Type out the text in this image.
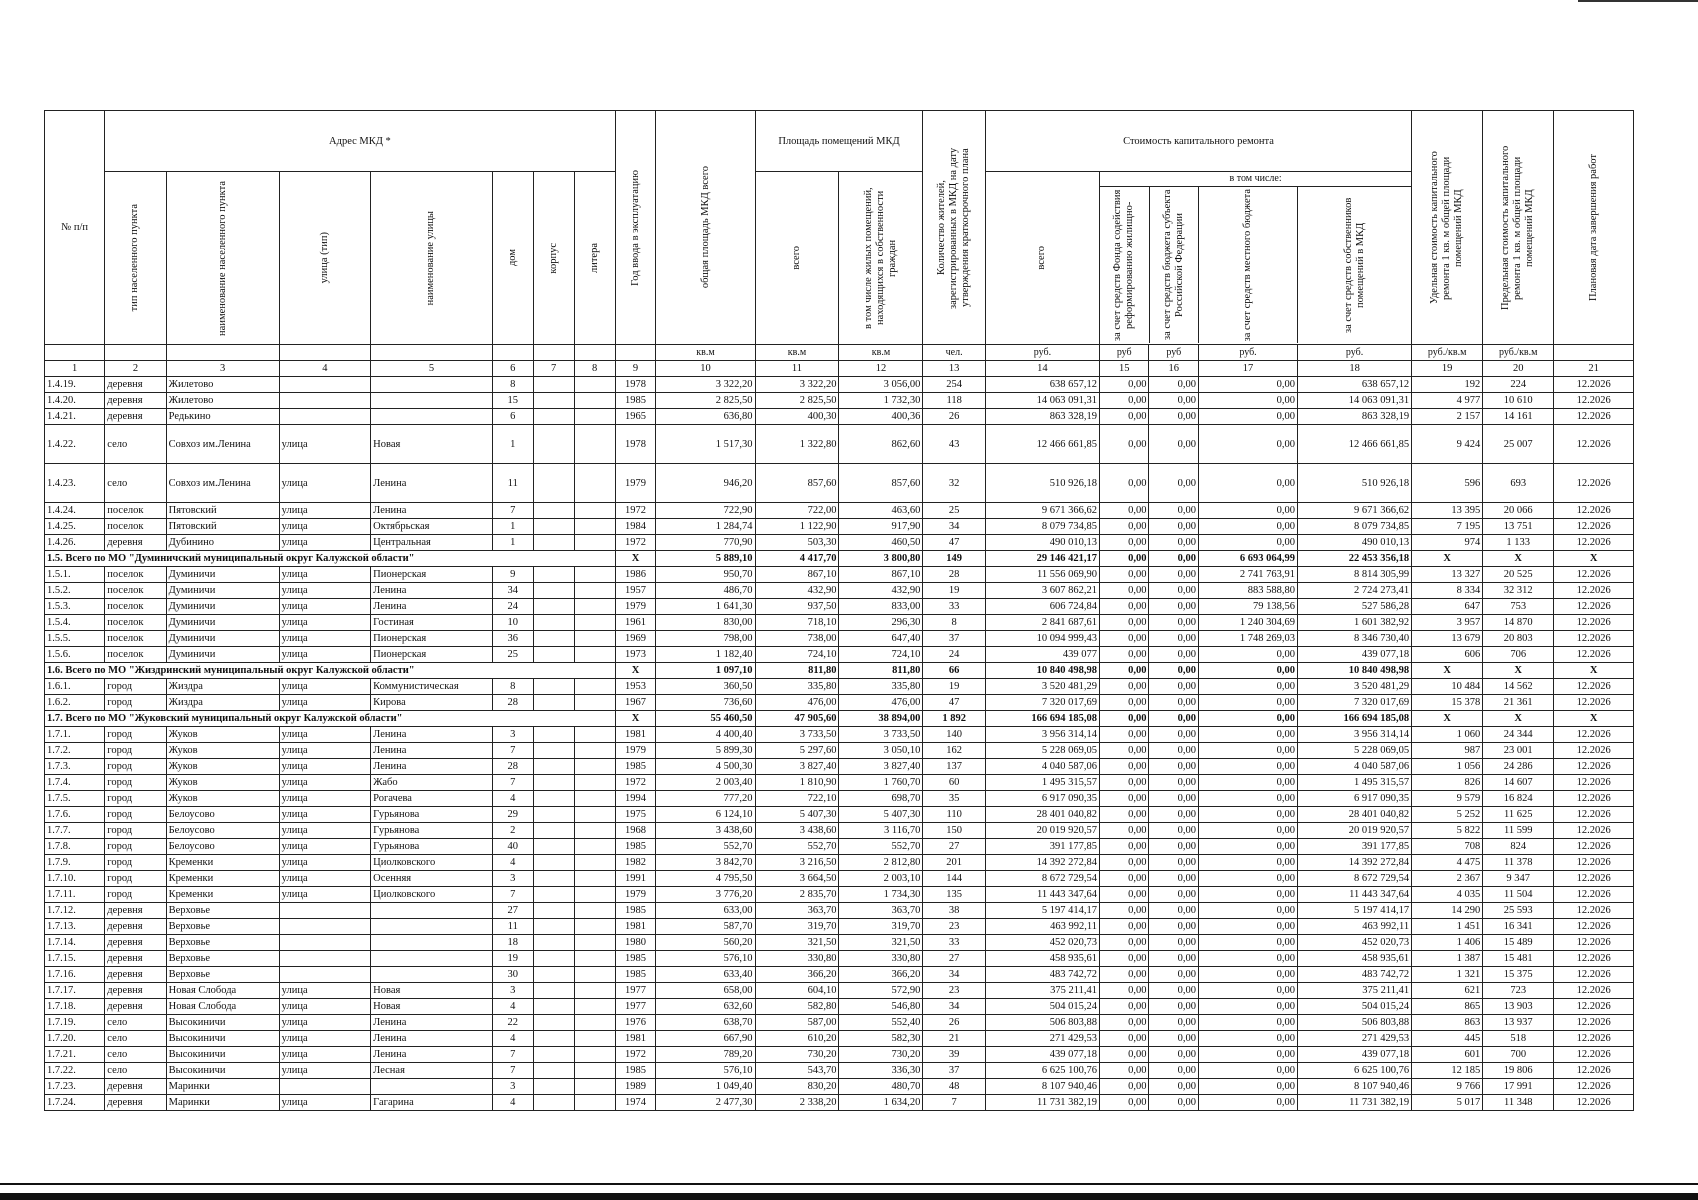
№ п/п	Адрес МКД *	
Год ввода в эксплуатацию	общая площадь МКД всего
	Площадь помещений МКД	
Количество жителей, зарегистрированных в МКД на дату утверждения краткосрочного плана
	Стоимость капитального ремонта	
Удельная стоимость капитального ремонта 1 кв. м общей площади помещений МКД	Предельная стоимость капитального ремонта 1 кв. м общей площади помещений МКД	Плановая дата завершения работ

тип населенного пункта	наименование населенного пункта	улица (тип)	наименование улицы	дом	корпус	литера	всего	в том числе жилых помещений, находящихся в собственности граждан	всего

в том числе:
за счет средств Фонда содействия реформированию жилищно-	за счет средств бюджета субъекта Российской Федерации	за счет средств местного бюджета	за счет средств собственников помещений в МКД

									кв.м	кв.м	кв.м	чел.	руб.	руб	руб	руб.	руб.	руб./кв.м	руб./кв.м	
1	2	3	4	5	6	7	8	9	10	11	12	13	14	15	16	17	18	19	20	21
1.4.19.	деревня	Жилетово			8			1978	3 322,20	3 322,20	3 056,00	254	638 657,12	0,00	0,00	0,00	638 657,12	192	224	12.2026
1.4.20.	деревня	Жилетово			15			1985	2 825,50	2 825,50	1 732,30	118	14 063 091,31	0,00	0,00	0,00	14 063 091,31	4 977	10 610	12.2026
1.4.21.	деревня	Редькино			6			1965	636,80	400,30	400,36	26	863 328,19	0,00	0,00	0,00	863 328,19	2 157	14 161	12.2026
1.4.22.	село	Совхоз им.Ленина	улица	Новая	1			1978	1 517,30	1 322,80	862,60	43	12 466 661,85	0,00	0,00	0,00	12 466 661,85	9 424	25 007	12.2026
1.4.23.	село	Совхоз им.Ленина	улица	Ленина	11			1979	946,20	857,60	857,60	32	510 926,18	0,00	0,00	0,00	510 926,18	596	693	12.2026
1.4.24.	поселок	Пятовский	улица	Ленина	7			1972	722,90	722,00	463,60	25	9 671 366,62	0,00	0,00	0,00	9 671 366,62	13 395	20 066	12.2026
1.4.25.	поселок	Пятовский	улица	Октябрьская	1			1984	1 284,74	1 122,90	917,90	34	8 079 734,85	0,00	0,00	0,00	8 079 734,85	7 195	13 751	12.2026
1.4.26.	деревня	Дубинино	улица	Центральная	1			1972	770,90	503,30	460,50	47	490 010,13	0,00	0,00	0,00	490 010,13	974	1 133	12.2026
1.5. Всего по МО "Думиничский муниципальный округ Калужской области"	X	5 889,10	4 417,70	3 800,80	149	29 146 421,17	0,00	0,00	6 693 064,99	22 453 356,18	X	X	X
1.5.1.	поселок	Думиничи	улица	Пионерская	9			1986	950,70	867,10	867,10	28	11 556 069,90	0,00	0,00	2 741 763,91	8 814 305,99	13 327	20 525	12.2026
1.5.2.	поселок	Думиничи	улица	Ленина	34			1957	486,70	432,90	432,90	19	3 607 862,21	0,00	0,00	883 588,80	2 724 273,41	8 334	32 312	12.2026
1.5.3.	поселок	Думиничи	улица	Ленина	24			1979	1 641,30	937,50	833,00	33	606 724,84	0,00	0,00	79 138,56	527 586,28	647	753	12.2026
1.5.4.	поселок	Думиничи	улица	Гостиная	10			1961	830,00	718,10	296,30	8	2 841 687,61	0,00	0,00	1 240 304,69	1 601 382,92	3 957	14 870	12.2026
1.5.5.	поселок	Думиничи	улица	Пионерская	36			1969	798,00	738,00	647,40	37	10 094 999,43	0,00	0,00	1 748 269,03	8 346 730,40	13 679	20 803	12.2026
1.5.6.	поселок	Думиничи	улица	Пионерская	25			1973	1 182,40	724,10	724,10	24	439 077	0,00	0,00	0,00	439 077,18	606	706	12.2026
1.6. Всего по МО "Жиздринский муниципальный округ Калужской области"	X	1 097,10	811,80	811,80	66	10 840 498,98	0,00	0,00	0,00	10 840 498,98	X	X	X
1.6.1.	город	Жиздра	улица	Коммунистическая	8			1953	360,50	335,80	335,80	19	3 520 481,29	0,00	0,00	0,00	3 520 481,29	10 484	14 562	12.2026
1.6.2.	город	Жиздра	улица	Кирова	28			1967	736,60	476,00	476,00	47	7 320 017,69	0,00	0,00	0,00	7 320 017,69	15 378	21 361	12.2026
1.7. Всего по МО "Жуковский муниципальный округ Калужской области"	X	55 460,50	47 905,60	38 894,00	1 892	166 694 185,08	0,00	0,00	0,00	166 694 185,08	X	X	X
1.7.1.	город	Жуков	улица	Ленина	3			1981	4 400,40	3 733,50	3 733,50	140	3 956 314,14	0,00	0,00	0,00	3 956 314,14	1 060	24 344	12.2026
1.7.2.	город	Жуков	улица	Ленина	7			1979	5 899,30	5 297,60	3 050,10	162	5 228 069,05	0,00	0,00	0,00	5 228 069,05	987	23 001	12.2026
1.7.3.	город	Жуков	улица	Ленина	28			1985	4 500,30	3 827,40	3 827,40	137	4 040 587,06	0,00	0,00	0,00	4 040 587,06	1 056	24 286	12.2026
1.7.4.	город	Жуков	улица	Жабо	7			1972	2 003,40	1 810,90	1 760,70	60	1 495 315,57	0,00	0,00	0,00	1 495 315,57	826	14 607	12.2026
1.7.5.	город	Жуков	улица	Рогачева	4			1994	777,20	722,10	698,70	35	6 917 090,35	0,00	0,00	0,00	6 917 090,35	9 579	16 824	12.2026
1.7.6.	город	Белоусово	улица	Гурьянова	29			1975	6 124,10	5 407,30	5 407,30	110	28 401 040,82	0,00	0,00	0,00	28 401 040,82	5 252	11 625	12.2026
1.7.7.	город	Белоусово	улица	Гурьянова	2			1968	3 438,60	3 438,60	3 116,70	150	20 019 920,57	0,00	0,00	0,00	20 019 920,57	5 822	11 599	12.2026
1.7.8.	город	Белоусово	улица	Гурьянова	40			1985	552,70	552,70	552,70	27	391 177,85	0,00	0,00	0,00	391 177,85	708	824	12.2026
1.7.9.	город	Кременки	улица	Циолковского	4			1982	3 842,70	3 216,50	2 812,80	201	14 392 272,84	0,00	0,00	0,00	14 392 272,84	4 475	11 378	12.2026
1.7.10.	город	Кременки	улица	Осенняя	3			1991	4 795,50	3 664,50	2 003,10	144	8 672 729,54	0,00	0,00	0,00	8 672 729,54	2 367	9 347	12.2026
1.7.11.	город	Кременки	улица	Циолковского	7			1979	3 776,20	2 835,70	1 734,30	135	11 443 347,64	0,00	0,00	0,00	11 443 347,64	4 035	11 504	12.2026
1.7.12.	деревня	Верховье			27			1985	633,00	363,70	363,70	38	5 197 414,17	0,00	0,00	0,00	5 197 414,17	14 290	25 593	12.2026
1.7.13.	деревня	Верховье			11			1981	587,70	319,70	319,70	23	463 992,11	0,00	0,00	0,00	463 992,11	1 451	16 341	12.2026
1.7.14.	деревня	Верховье			18			1980	560,20	321,50	321,50	33	452 020,73	0,00	0,00	0,00	452 020,73	1 406	15 489	12.2026
1.7.15.	деревня	Верховье			19			1985	576,10	330,80	330,80	27	458 935,61	0,00	0,00	0,00	458 935,61	1 387	15 481	12.2026
1.7.16.	деревня	Верховье			30			1985	633,40	366,20	366,20	34	483 742,72	0,00	0,00	0,00	483 742,72	1 321	15 375	12.2026
1.7.17.	деревня	Новая Слобода	улица	Новая	3			1977	658,00	604,10	572,90	23	375 211,41	0,00	0,00	0,00	375 211,41	621	723	12.2026
1.7.18.	деревня	Новая Слобода	улица	Новая	4			1977	632,60	582,80	546,80	34	504 015,24	0,00	0,00	0,00	504 015,24	865	13 903	12.2026
1.7.19.	село	Высокиничи	улица	Ленина	22			1976	638,70	587,00	552,40	26	506 803,88	0,00	0,00	0,00	506 803,88	863	13 937	12.2026
1.7.20.	село	Высокиничи	улица	Ленина	4			1981	667,90	610,20	582,30	21	271 429,53	0,00	0,00	0,00	271 429,53	445	518	12.2026
1.7.21.	село	Высокиничи	улица	Ленина	7			1972	789,20	730,20	730,20	39	439 077,18	0,00	0,00	0,00	439 077,18	601	700	12.2026
1.7.22.	село	Высокиничи	улица	Лесная	7			1985	576,10	543,70	336,30	37	6 625 100,76	0,00	0,00	0,00	6 625 100,76	12 185	19 806	12.2026
1.7.23.	деревня	Маринки			3			1989	1 049,40	830,20	480,70	48	8 107 940,46	0,00	0,00	0,00	8 107 940,46	9 766	17 991	12.2026
1.7.24.	деревня	Маринки	улица	Гагарина	4			1974	2 477,30	2 338,20	1 634,20	7	11 731 382,19	0,00	0,00	0,00	11 731 382,19	5 017	11 348	12.2026
